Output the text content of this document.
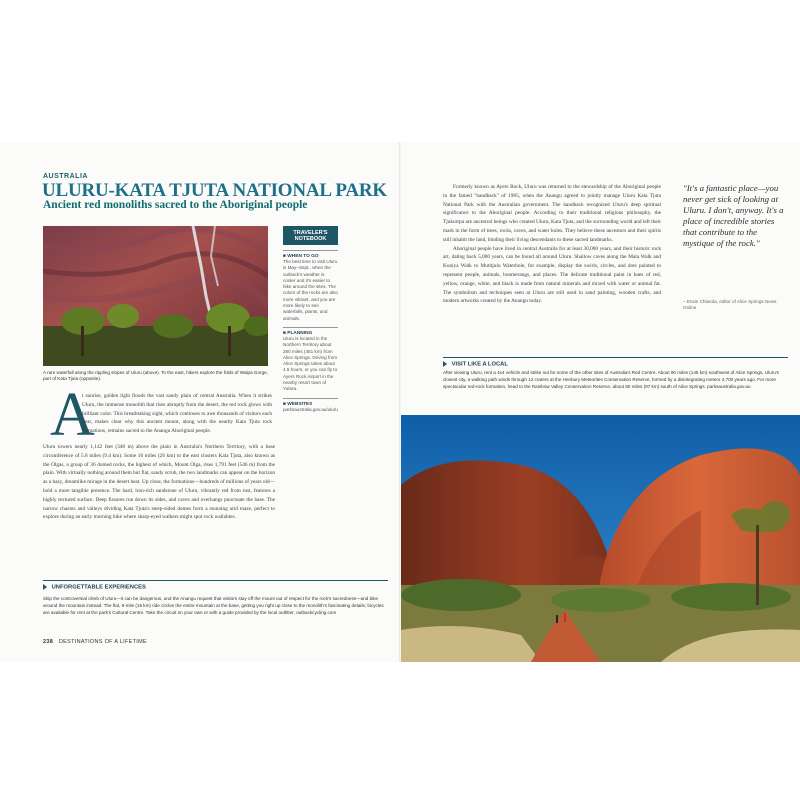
AUSTRALIA
ULURU-KATA TJUTA NATIONAL PARK
Ancient red monoliths sacred to the Aboriginal people
A rare waterfall along the rippling slopes of Uluru (above). To the east, hikers explore the folds of Walpa Gorge, part of Kata Tjuta (opposite).
TRAVELER'S
NOTEBOOK
■ WHEN TO GO
The best time to visit Uluru is May–Sept., when the outback's weather is cooler and it's easier to hike around the sites. The colors of the rocks are also more vibrant, and you are more likely to see waterfalls, plants, and animals.
■ PLANNING
Uluru is located in the Northern Territory about 280 miles (451 km) from Alice Springs. Driving from Alice Springs takes about 4.5 hours, or you can fly to Ayers Rock Airport in the nearby resort town of Yulara.
■ WEBSITES
parksaustralia.gov.au/uluru
A
t sunrise, golden light floods the vast sandy plain of central Australia. When it strikes Uluru, the immense monolith that rises abruptly from the desert, the red rock glows with brilliant color. This breathtaking sight, which continues to awe thousands of visitors each year, makes clear why this ancient mount, along with the nearby Kata Tjuta rock formations, remains sacred to the Anangu Aboriginal people.
Uluru towers nearly 1,142 feet (348 m) above the plain in Australia's Northern Territory, with a base circumference of 5.8 miles (9.4 km). Some 16 miles (26 km) to the east clusters Kata Tjuta, also known as the Olgas, a group of 36 domed rocks, the highest of which, Mount Olga, rises 1,791 feet (546 m) from the plain. With virtually nothing around them but flat, sandy scrub, the two landmarks can appear on the horizon as a hazy, dreamlike mirage in the desert heat. Up close, the formations—hundreds of millions of years old—hold a more tangible presence. The hard, iron-rich sandstone of Uluru, vibrantly red from rust, features a highly textured surface. Deep fissures run down its sides, and caves and overhangs punctuate the base. The narrow chasms and valleys dividing Kata Tjuta's steep-sided domes form a stunning arid maze, perfect to explore during an early morning hike where sharp-eyed walkers might spot rock wallabies.
UNFORGETTABLE EXPERIENCES
Skip the controversial climb of Uluru—it can be dangerous, and the Anangu request that visitors stay off the mount out of respect for the rock's sacredness—and bike around the mountain instead. The flat, 9-mile (15 km) ride circles the entire mountain at the base, getting you right up close to the monolith's fascinating details; bicycles are available for rent at the park's Cultural Centre. Take the circuit on your own or with a guide provided by the local outfitter, outbackcycling.com
238 DESTINATIONS OF A LIFETIME
Formerly known as Ayers Rock, Uluru was returned to the stewardship of the Aboriginal people in the famed "handback" of 1985, when the Anangu agreed to jointly manage Uluru Kata Tjuta National Park with the Australian government. The handback recognized Uluru's deep spiritual significance to the Aboriginal people. According to their traditional religious philosophy, the Tjukurrpa are ancestral beings who created Uluru, Kata Tjuta, and the surrounding world and left their mark in the form of trees, rocks, caves, and water holes. They believe these ancestors and their spirits still inhabit the land, binding their living descendants to these sacred landmarks.
Aboriginal people have lived in central Australia for at least 30,000 years, and their historic rock art, dating back 5,000 years, can be found all around Uluru. Shallow caves along the Mala Walk and Kuniya Walk to Mutitjulu Waterhole, for example, display the swirls, circles, and dots painted to represent people, animals, boomerangs, and places. The delicate traditional paint in hues of red, yellow, orange, white, and black is made from natural minerals and mixed with water or animal fat. The symbolism and techniques seen at Uluru are still used in sand painting, wooden crafts, and modern artworks created by the Anangu today.
"It's a fantastic place—you never get sick of looking at Uluru. I don't, anyway. It's a place of incredible stories that contribute to the mystique of the rock."
– Erwin Chlanda, editor of Alice Springs News Online
VISIT LIKE A LOCAL
After viewing Uluru, rent a 4x4 vehicle and strike out for some of the other sites of Australia's Red Centre. About 90 miles (145 km) southwest of Alice Springs, Uluru's closest city, a walking path winds through 12 craters at the Henbury Meteorites Conservation Reserve, formed by a disintegrating meteor 4,700 years ago. For more spectacular red-rock formation, head to the Rainbow Valley Conservation Reserve, about 60 miles (97 km) south of Alice Springs. parksaustralia.gov.au
